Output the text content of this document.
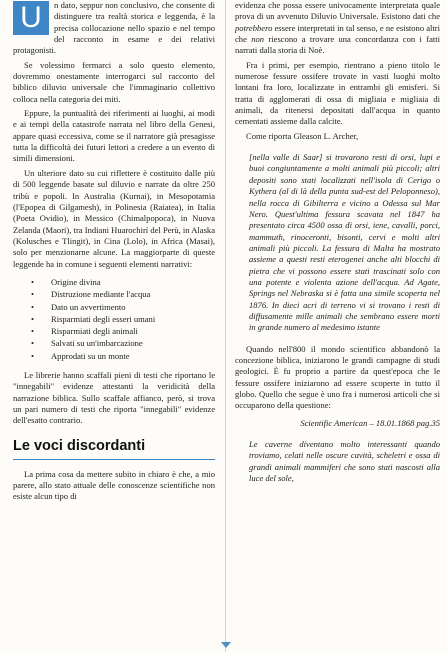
U	n dato, seppur non conclusivo, che consente di distinguere tra realtà storica e leggenda, è la precisa collocazione nello spazio e nel tempo del racconto in esame e dei relativi protagonisti.

Se volessimo fermarci a solo questo elemento, dovremmo onestamente interrogarci sul racconto del biblico diluvio universale che l'immaginario collettivo colloca nella categoria dei miti.

Eppure, la puntualità dei riferimenti ai luoghi, ai modi e ai tempi della catastrofe narrata nel libro della Genesi, appare quasi eccessiva, come se il narratore già presagisse tutta la difficoltà dei futuri lettori a credere a un evento di simili dimensioni.

Un ulteriore dato su cui riflettere è costituito dalle più di 500 leggende basate sul diluvio e narrate da oltre 250 tribù e popoli. In Australia (Kurnai), in Mesopotamia (l'Epopea di Gilgamesh), in Polinesia (Raiatea), in Italia (Poeta Ovidio), in Messico (Chimalpopoca), in Nuova Zelanda (Maori), tra Indiani Huarochirí del Perù, in Alaska (Kolusches e Tlingit), in Cina (Lolo), in Africa (Masai), solo per menzionarne alcune. La maggiorparte di queste leggende ha in comune i seguenti elementi narrativi:

• Origine divina
• Distruzione mediante l'acqua
• Dato un avvertimento
• Risparmiati degli esseri umani
• Risparmiati degli animali
• Salvati su un'imbarcazione
• Approdati su un monte

Le librerie hanno scaffali pieni di testi che riportano le "innegabili" evidenze attestanti la veridicità della narrazione biblica. Sullo scaffale affianco, però, si trova un pari numero di testi che riporta "innegabili" evidenze dell'esatto contrario.

Le voci discordanti

La prima cosa da mettere subito in chiaro è che, a mio parere, allo stato attuale delle conoscenze scientifiche non esiste alcun tipo di

evidenza che possa essere univocamente interpretata quale prova di un avvenuto Diluvio Universale. Esistono dati che potrebbero essere interpretati in tal senso, e ne esistono altri che non riescono a trovare una concordanza con i fatti narrati dalla storia di Noè.

Fra i primi, per esempio, rientrano a pieno titolo le numerose fessure ossifere trovate in vasti luoghi molto lontani fra loro, localizzate in entrambi gli emisferi. Si tratta di agglomerati di ossa di migliaia e migliaia di animali, da ritenersi depositati dall'acqua in quanto cementati assieme dalla calcite.

Come riporta Gleason L. Archer,

[nella valle di Saar] si trovarono resti di orsi, lupi e buoi congiuntamente a molti animali più piccoli; altri depositi sono stati localizzati nell'isola di Cerigo o Kythera (al di là della punta sud-est del Peloponneso), nella rocca di Gibilterra e vicino a Odessa sul Mar Nero. Quest'ultima fessura scavata nel 1847 ha presentato circa 4500 ossa di orsi, iene, cavalli, porci, mammuth, rinoceronti, bisonti, cervi e molti altri animali più piccoli. La fessura di Malta ha mostrato assieme a questi resti eterogenei anche alti blocchi di pietra che vi possono essere stati trascinati solo con una potente e violenta azione dell'acqua. Ad Agate, Springs nel Nebraska si è fatta una simile scoperta nel 1876. In dieci acri di terreno vi si trovano i resti di diffusamente mille animali che sembrano essere morti in grande numero al medesimo istante

Quando nell'800 il mondo scientifico abbandonò la concezione biblica, iniziarono le grandi campagne di studi geologici. È fu proprio a partire da quest'epoca che le fessure ossifere iniziarono ad essere scoperte in tutto il globo. Quello che segue è uno fra i numerosi articoli che si occuparono della questione:

Scientific American – 18.01.1868 pag.35

Le caverne diventano molto interessanti quando troviamo, celati nelle oscure cavità, scheletri e ossa di grandi animali mammiferi che sono stati nascosti alla luce del sole,
